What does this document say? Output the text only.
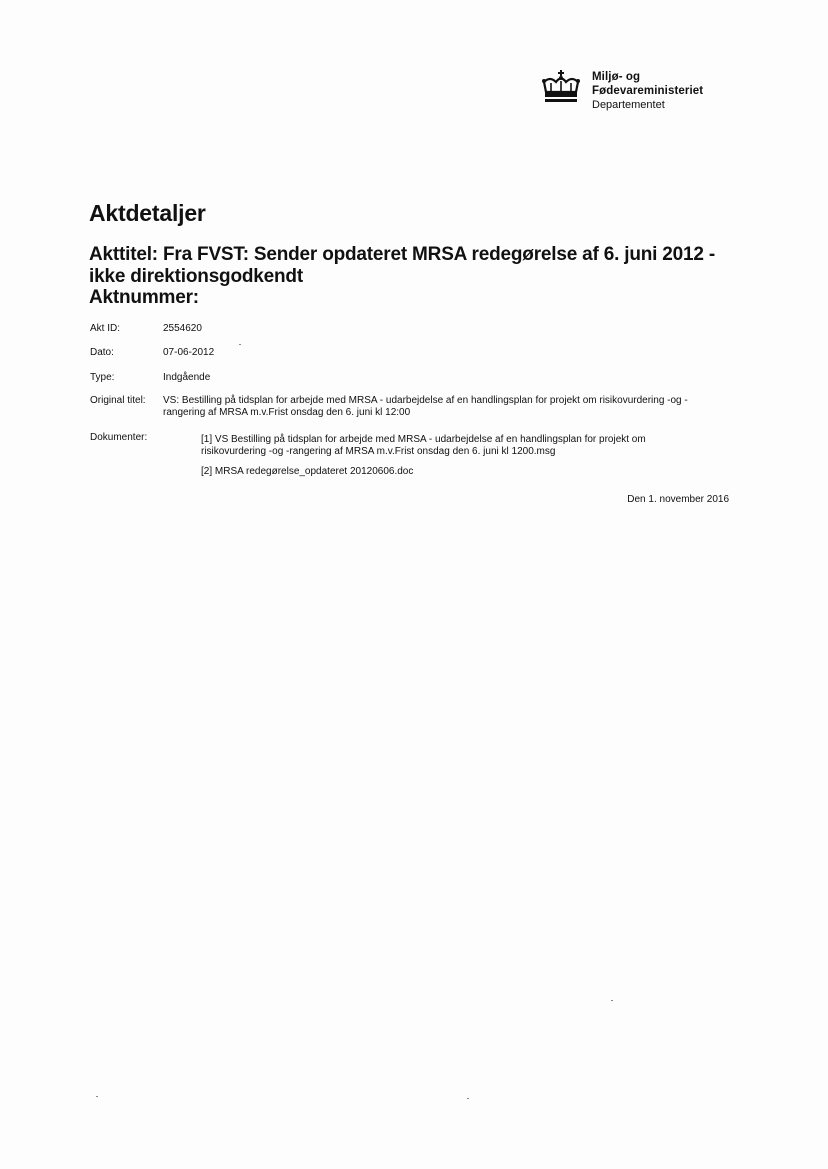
Miljø- og
Fødevareministeriet
Departementet
Aktdetaljer
Akttitel: Fra FVST: Sender opdateret MRSA redegørelse af 6. juni 2012 - ikke direktionsgodkendt
Aktnummer:
Akt ID:	2554620
Dato:	07-06-2012
Type:	Indgående
Original titel: VS: Bestilling på tidsplan for arbejde med MRSA - udarbejdelse af en handlingsplan for projekt om risikovurdering -og -rangering af MRSA m.v.Frist onsdag den 6. juni kl 12:00
Dokumenter:	[1] VS Bestilling på tidsplan for arbejde med MRSA - udarbejdelse af en handlingsplan for projekt om risikovurdering -og -rangering af MRSA m.v.Frist onsdag den 6. juni kl 1200.msg
[2] MRSA redegørelse_opdateret 20120606.doc
Den 1. november 2016
